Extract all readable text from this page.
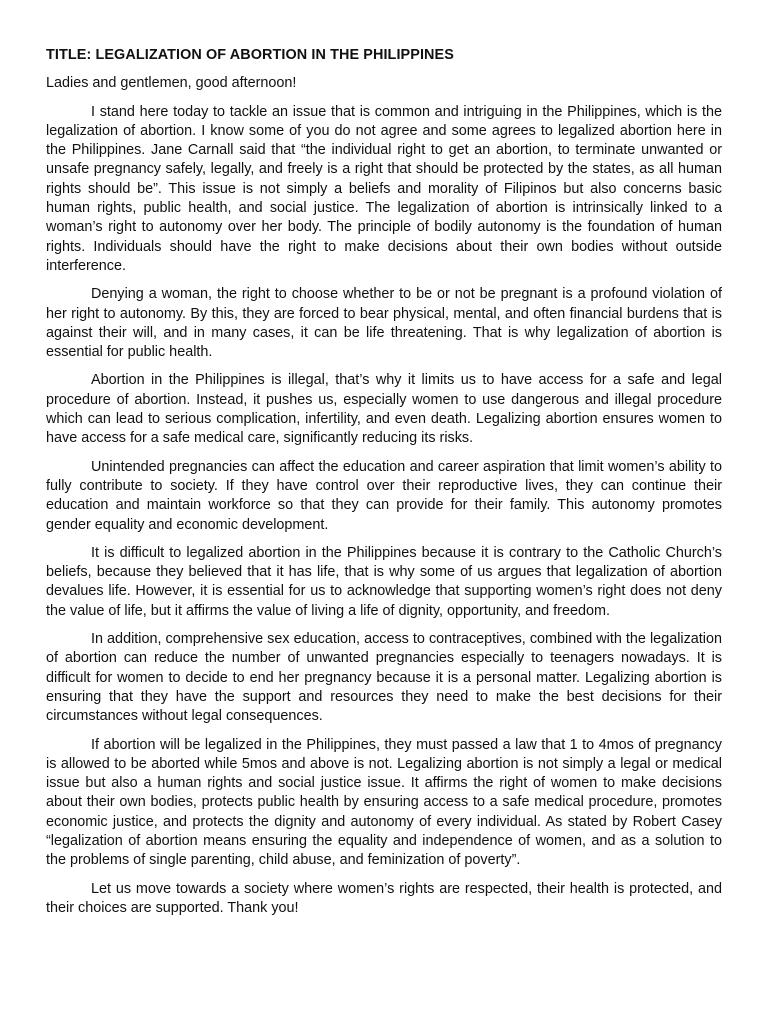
TITLE: LEGALIZATION OF ABORTION IN THE PHILIPPINES
Ladies and gentlemen, good afternoon!

I stand here today to tackle an issue that is common and intriguing in the Philippines, which is the legalization of abortion. I know some of you do not agree and some agrees to legalized abortion here in the Philippines. Jane Carnall said that “the individual right to get an abortion, to terminate unwanted or unsafe pregnancy safely, legally, and freely is a right that should be protected by the states, as all human rights should be”. This issue is not simply a beliefs and morality of Filipinos but also concerns basic human rights, public health, and social justice. The legalization of abortion is intrinsically linked to a woman’s right to autonomy over her body. The principle of bodily autonomy is the foundation of human rights. Individuals should have the right to make decisions about their own bodies without outside interference.

Denying a woman, the right to choose whether to be or not be pregnant is a profound violation of her right to autonomy. By this, they are forced to bear physical, mental, and often financial burdens that is against their will, and in many cases, it can be life threatening. That is why legalization of abortion is essential for public health.

Abortion in the Philippines is illegal, that’s why it limits us to have access for a safe and legal procedure of abortion. Instead, it pushes us, especially women to use dangerous and illegal procedure which can lead to serious complication, infertility, and even death. Legalizing abortion ensures women to have access for a safe medical care, significantly reducing its risks.

Unintended pregnancies can affect the education and career aspiration that limit women’s ability to fully contribute to society. If they have control over their reproductive lives, they can continue their education and maintain workforce so that they can provide for their family. This autonomy promotes gender equality and economic development.

It is difficult to legalized abortion in the Philippines because it is contrary to the Catholic Church’s beliefs, because they believed that it has life, that is why some of us argues that legalization of abortion devalues life. However, it is essential for us to acknowledge that supporting women’s right does not deny the value of life, but it affirms the value of living a life of dignity, opportunity, and freedom.

In addition, comprehensive sex education, access to contraceptives, combined with the legalization of abortion can reduce the number of unwanted pregnancies especially to teenagers nowadays. It is difficult for women to decide to end her pregnancy because it is a personal matter. Legalizing abortion is ensuring that they have the support and resources they need to make the best decisions for their circumstances without legal consequences.

If abortion will be legalized in the Philippines, they must passed a law that 1 to 4mos of pregnancy is allowed to be aborted while 5mos and above is not. Legalizing abortion is not simply a legal or medical issue but also a human rights and social justice issue. It affirms the right of women to make decisions about their own bodies, protects public health by ensuring access to a safe medical procedure, promotes economic justice, and protects the dignity and autonomy of every individual. As stated by Robert Casey “legalization of abortion means ensuring the equality and independence of women, and as a solution to the problems of single parenting, child abuse, and feminization of poverty”.

Let us move towards a society where women’s rights are respected, their health is protected, and their choices are supported. Thank you!
